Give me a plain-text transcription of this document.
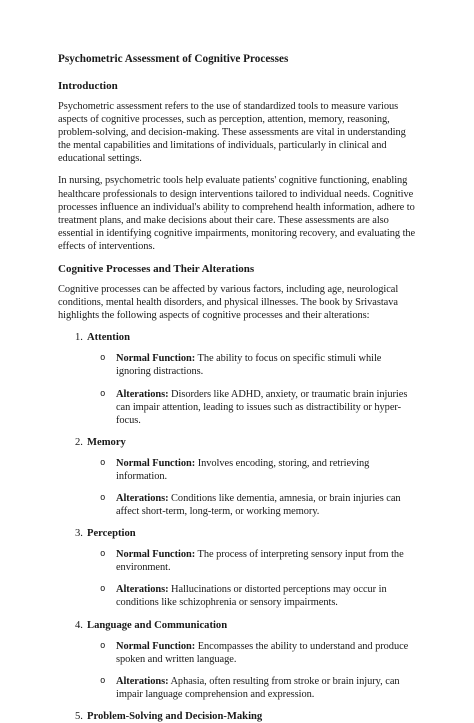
Psychometric Assessment of Cognitive Processes
Introduction

Psychometric assessment refers to the use of standardized tools to measure various aspects of cognitive processes, such as perception, attention, memory, reasoning, problem-solving, and decision-making. These assessments are vital in understanding the mental capabilities and limitations of individuals, particularly in clinical and educational settings.

In nursing, psychometric tools help evaluate patients' cognitive functioning, enabling healthcare professionals to design interventions tailored to individual needs. Cognitive processes influence an individual's ability to comprehend health information, adhere to treatment plans, and make decisions about their care. These assessments are also essential in identifying cognitive impairments, monitoring recovery, and evaluating the effects of interventions.

Cognitive Processes and Their Alterations

Cognitive processes can be affected by various factors, including age, neurological conditions, mental health disorders, and physical illnesses. The book by Srivastava highlights the following aspects of cognitive processes and their alterations:

1. Attention
o Normal Function: The ability to focus on specific stimuli while ignoring distractions.
o Alterations: Disorders like ADHD, anxiety, or traumatic brain injuries can impair attention, leading to issues such as distractibility or hyper-focus.
2. Memory
o Normal Function: Involves encoding, storing, and retrieving information.
o Alterations: Conditions like dementia, amnesia, or brain injuries can affect short-term, long-term, or working memory.
3. Perception
o Normal Function: The process of interpreting sensory input from the environment.
o Alterations: Hallucinations or distorted perceptions may occur in conditions like schizophrenia or sensory impairments.
4. Language and Communication
o Normal Function: Encompasses the ability to understand and produce spoken and written language.
o Alterations: Aphasia, often resulting from stroke or brain injury, can impair language comprehension and expression.
5. Problem-Solving and Decision-Making
